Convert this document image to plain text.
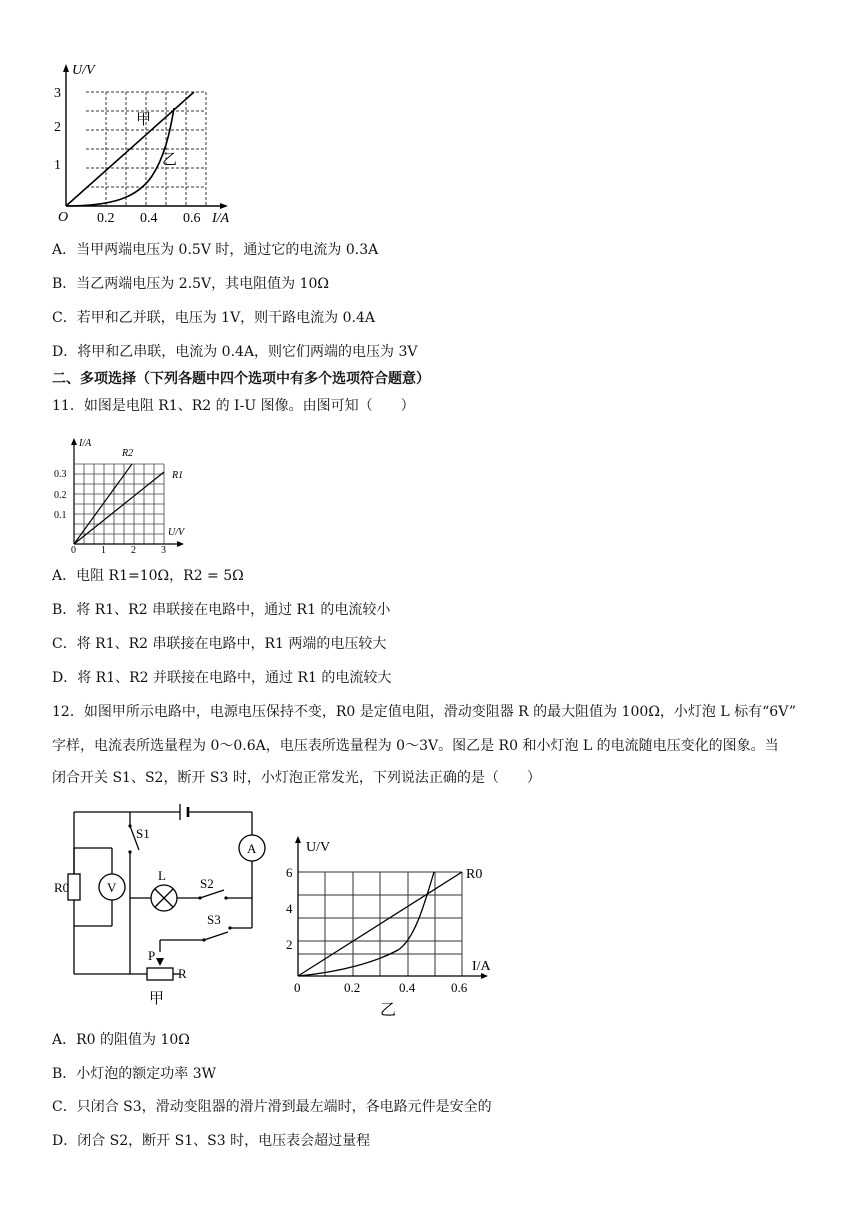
U/V
I/A
O
3
2
1
0.2 0.4 0.6
甲
乙
A．当甲两端电压为 0.5V 时，通过它的电流为 0.3A
B．当乙两端电压为 2.5V，其电阻值为 10Ω
C．若甲和乙并联，电压为 1V，则干路电流为 0.4A
D．将甲和乙串联，电流为 0.4A，则它们两端的电压为 3V
二、多项选择（下列各题中四个选项中有多个选项符合题意）
11．如图是电阻 R1、R2 的 I-U 图像。由图可知（　　）
I/A
U/V
R2
R1
0.3
0.2
0.1
0	1	2	3
A．电阻 R1=10Ω，R2 = 5Ω
B．将 R1、R2 串联接在电路中，通过 R1 的电流较小
C．将 R1、R2 串联接在电路中，R1 两端的电压较大
D．将 R1、R2 并联接在电路中，通过 R1 的电流较大
12．如图甲所示电路中，电源电压保持不变，R0 是定值电阻，滑动变阻器 R 的最大阻值为 100Ω，小灯泡 L 标有“6V”
字样，电流表所选量程为 0～0.6A，电压表所选量程为 0～3V。图乙是 R0 和小灯泡 L 的电流随电压变化的图象。当
闭合开关 S1、S2，断开 S3 时，小灯泡正常发光，下列说法正确的是（　　）
S1
R0	V
A
L
S2
S3
P
R
甲
U/V
I/A
R0
6
4
2
0	0.2	0.4	0.6
乙
A．R0 的阻值为 10Ω
B．小灯泡的额定功率 3W
C．只闭合 S3，滑动变阻器的滑片滑到最左端时，各电路元件是安全的
D．闭合 S2，断开 S1、S3 时，电压表会超过量程
